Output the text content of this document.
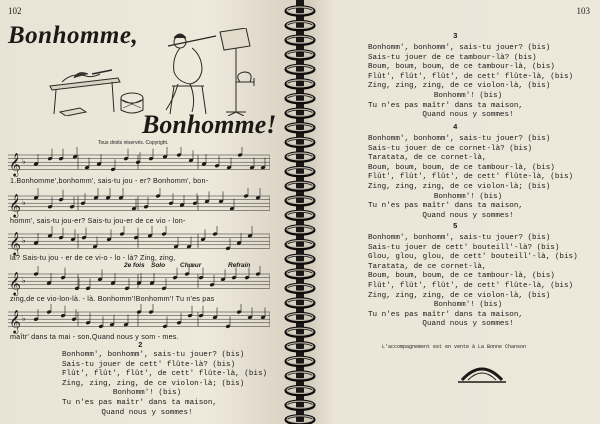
102
Bonhomme,
Bonhomme!
Tous droits réservés. Copyright.
𝄞 ♭
1.Bonhomme',bonhomm', sais-tu jou - er? Bonhomm', bon-
𝄞 ♭
homm', sais-tu jou-er? Sais-tu jou-er de ce vio - lon-
𝄞 ♭
là? Sais-tu jou - er de ce vi-o - lo - là? Zing, zing,
2e fois Solo Chœur	Refrain
𝄞 ♭
zing,de ce vio-lon-là. - là. Bonhomm'!Bonhomm'! Tu n'es pas
𝄞 ♭
maîtr' dans ta mai - son,Quand nous y som - mes.
2
Bonhomm', bonhomm', sais-tu jouer? (bis)
Sais-tu jouer de cett' flûte-là? (bis)
Flût', flût', flût', de cett' flûte-là, (bis)
Zing, zing, zing, de ce violon-là; (bis)
Bonhomm'! (bis)
Tu n'es pas maîtr' dans ta maison,
Quand nous y sommes!
103
3
Bonhomm', bonhomm', sais-tu jouer? (bis)
Sais-tu jouer de ce tambour-là? (bis)
Boum, boum, boum, de ce tambour-là, (bis)
Flût', flût', flût', de cett' flûte-là, (bis)
Zing, zing, zing, de ce violon-là, (bis)
Bonhomm'! (bis)
Tu n'es pas maîtr' dans ta maison,
Quand nous y sommes!
4
Bonhomm', bonhomm', sais-tu jouer? (bis)
Sais-tu jouer de ce cornet-là? (bis)
Taratata, de ce cornet-là,
Boum, boum, boum, de ce tambour-là, (bis)
Flût', flût', flût', de cett' flûte-là, (bis)
Zing, zing, zing, de ce violon-là; (bis)
Bonhomm'! (bis)
Tu n'es pas maîtr' dans ta maison,
Quand nous y sommes!
5
Bonhomm', bonhomm', sais-tu jouer? (bis)
Sais-tu jouer de cett' bouteill'-là? (bis)
Glou, glou, glou, de cett' bouteill'-là, (bis)
Taratata, de ce cornet-là,
Boum, boum, boum, de ce tambour-là, (bis)
Flût', flût', flût', de cett' flûte-là, (bis)
Zing, zing, zing, de ce violon-là, (bis)
Bonhomm'! (bis)
Tu n'es pas maîtr' dans ta maison,
Quand nous y sommes!
L'accompagnement est en vente à La Bonne Chanson
